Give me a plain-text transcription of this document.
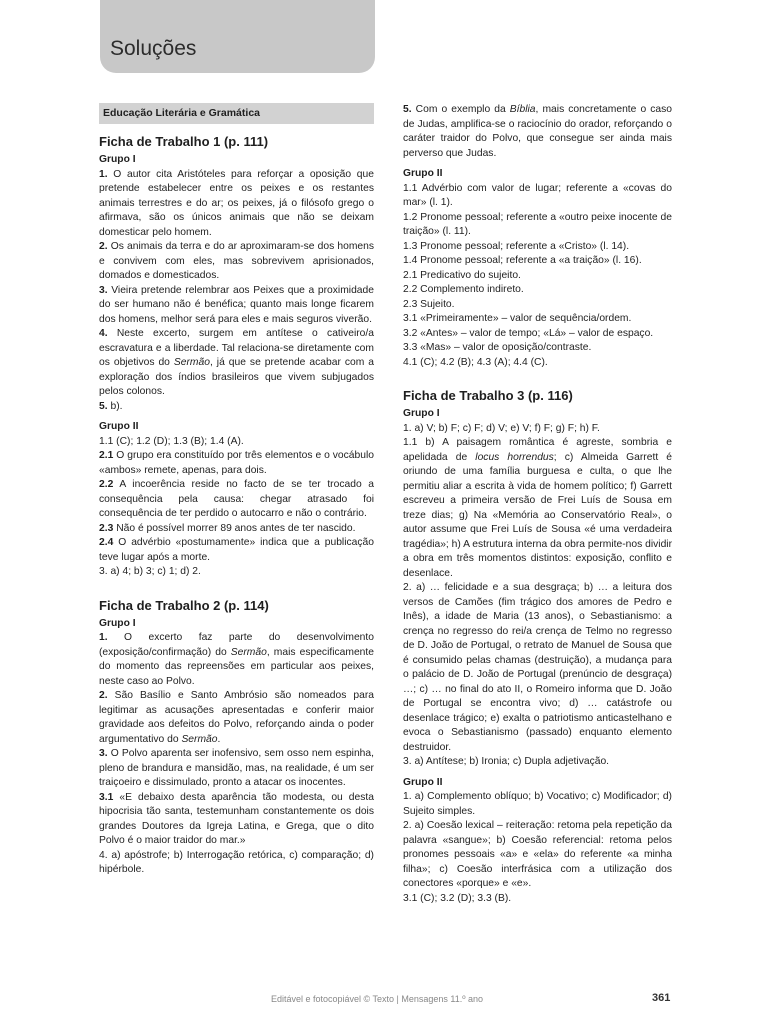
Soluções
Educação Literária e Gramática
Ficha de Trabalho 1 (p. 111)
Grupo I
1. O autor cita Aristóteles para reforçar a oposição que pretende estabelecer entre os peixes e os restantes animais terrestres e do ar; os peixes, já o filósofo grego o afirmava, são os únicos animais que não se deixam domesticar pelo homem.
2. Os animais da terra e do ar aproximaram-se dos homens e convivem com eles, mas sobrevivem aprisionados, domados e domesticados.
3. Vieira pretende relembrar aos Peixes que a proximidade do ser humano não é benéfica; quanto mais longe ficarem dos homens, melhor será para eles e mais seguros viverão.
4. Neste excerto, surgem em antítese o cativeiro/a escravatura e a liberdade. Tal relaciona-se diretamente com os objetivos do Sermão, já que se pretende acabar com a exploração dos índios brasileiros que vivem subjugados pelos colonos.
5. b).
Grupo II
1.1 (C); 1.2 (D); 1.3 (B); 1.4 (A).
2.1 O grupo era constituído por três elementos e o vocábulo «ambos» remete, apenas, para dois.
2.2 A incoerência reside no facto de se ter trocado a consequência pela causa: chegar atrasado foi consequência de ter perdido o autocarro e não o contrário.
2.3 Não é possível morrer 89 anos antes de ter nascido.
2.4 O advérbio «postumamente» indica que a publicação teve lugar após a morte.
3. a) 4; b) 3; c) 1; d) 2.
Ficha de Trabalho 2 (p. 114)
Grupo I
1. O excerto faz parte do desenvolvimento (exposição/confirmação) do Sermão, mais especificamente do momento das repreensões em particular aos peixes, neste caso ao Polvo.
2. São Basílio e Santo Ambrósio são nomeados para legitimar as acusações apresentadas e conferir maior gravidade aos defeitos do Polvo, reforçando ainda o poder argumentativo do Sermão.
3. O Polvo aparenta ser inofensivo, sem osso nem espinha, pleno de brandura e mansidão, mas, na realidade, é um ser traiçoeiro e dissimulado, pronto a atacar os inocentes.
3.1 «E debaixo desta aparência tão modesta, ou desta hipocrisia tão santa, testemunham constantemente os dois grandes Doutores da Igreja Latina, e Grega, que o dito Polvo é o maior traidor do mar.»
4. a) apóstrofe; b) Interrogação retórica, c) comparação; d) hipérbole.
5. Com o exemplo da Bíblia, mais concretamente o caso de Judas, amplifica-se o raciocínio do orador, reforçando o caráter traidor do Polvo, que consegue ser ainda mais perverso que Judas.
Grupo II
1.1 Advérbio com valor de lugar; referente a «covas do mar» (l. 1).
1.2 Pronome pessoal; referente a «outro peixe inocente de traição» (l. 11).
1.3 Pronome pessoal; referente a «Cristo» (l. 14).
1.4 Pronome pessoal; referente a «a traição» (l. 16).
2.1 Predicativo do sujeito.
2.2 Complemento indireto.
2.3 Sujeito.
3.1 «Primeiramente» – valor de sequência/ordem.
3.2 «Antes» – valor de tempo; «Lá» – valor de espaço.
3.3 «Mas» – valor de oposição/contraste.
4.1 (C); 4.2 (B); 4.3 (A); 4.4 (C).
Ficha de Trabalho 3 (p. 116)
Grupo I
1. a) V; b) F; c) F; d) V; e) V; f) F; g) F; h) F.
1.1 b) A paisagem romântica é agreste, sombria e apelidada de locus horrendus; c) Almeida Garrett é oriundo de uma família burguesa e culta, o que lhe permitiu aliar a escrita à vida de homem político; f) Garrett escreveu a primeira versão de Frei Luís de Sousa em treze dias; g) Na «Memória ao Conservatório Real», o autor assume que Frei Luís de Sousa «é uma verdadeira tragédia»; h) A estrutura interna da obra permite-nos dividir a obra em três momentos distintos: exposição, conflito e desenlace.
2. a) … felicidade e a sua desgraça; b) … a leitura dos versos de Camões (fim trágico dos amores de Pedro e Inês), a idade de Maria (13 anos), o Sebastianismo: a crença no regresso do rei/a crença de Telmo no regresso de D. João de Portugal, o retrato de Manuel de Sousa que é consumido pelas chamas (destruição), a mudança para o palácio de D. João de Portugal (prenúncio de desgraça) …; c) … no final do ato II, o Romeiro informa que D. João de Portugal se encontra vivo; d) … catástrofe ou desenlace trágico; e) exalta o patriotismo anticastelhano e evoca o Sebastianismo (passado) enquanto elemento destruidor.
3. a) Antítese; b) Ironia; c) Dupla adjetivação.
Grupo II
1. a) Complemento oblíquo; b) Vocativo; c) Modificador; d) Sujeito simples.
2. a) Coesão lexical – reiteração: retoma pela repetição da palavra «sangue»; b) Coesão referencial: retoma pelos pronomes pessoais «a» e «ela» do referente «a minha filha»; c) Coesão interfrásica com a utilização dos conectores «porque» e «e».
3.1 (C); 3.2 (D); 3.3 (B).
Editável e fotocopiável © Texto | Mensagens 11.º ano	361
